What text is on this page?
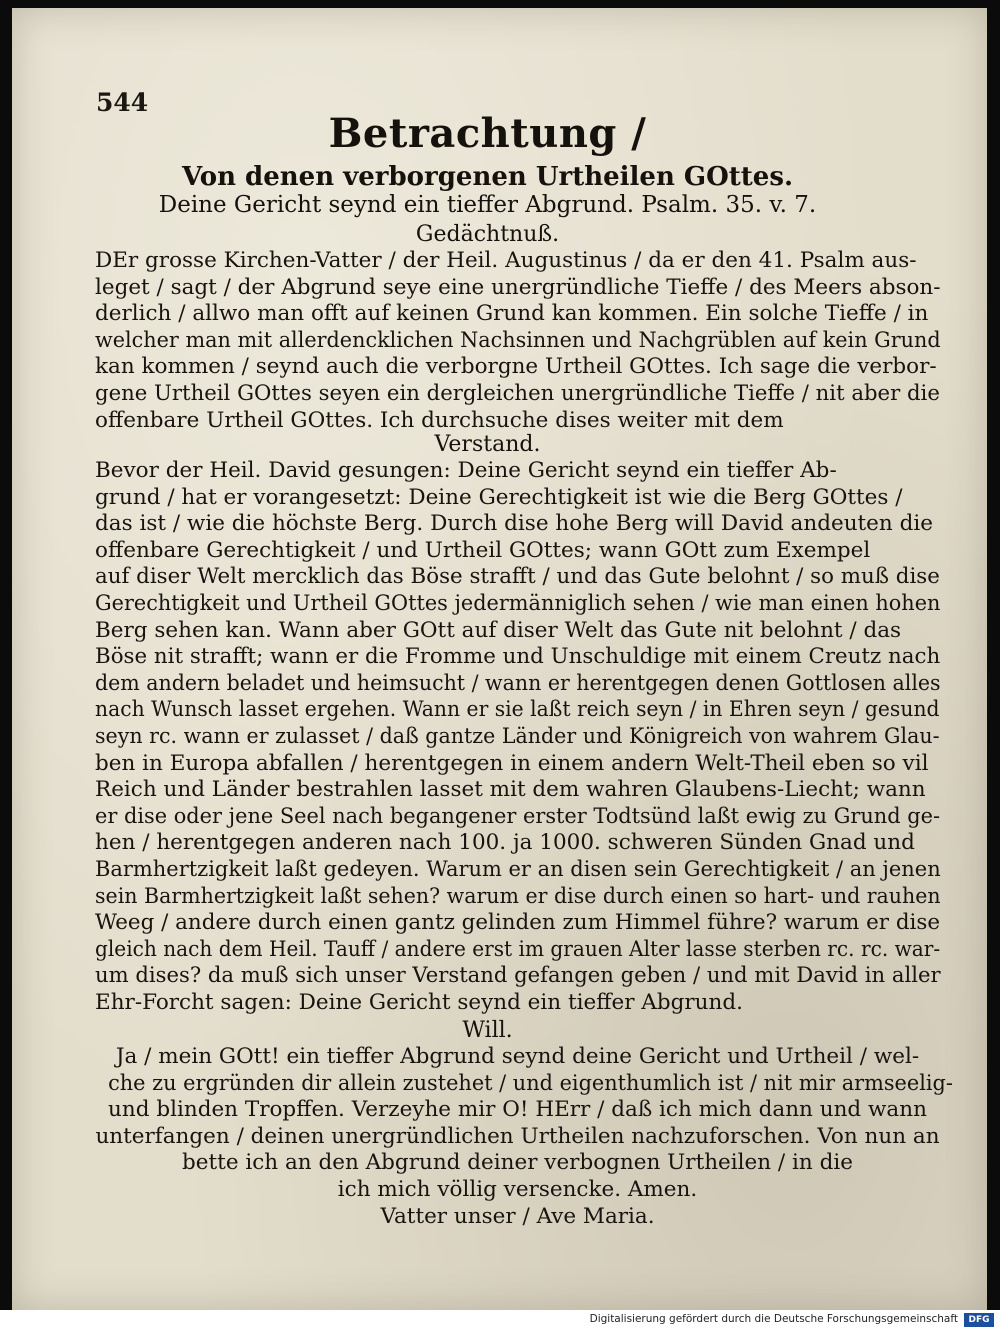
544
Betrachtung /
Von denen verborgenen Urtheilen GOttes.
Deine Gericht seynd ein tieffer Abgrund. Psalm. 35. v. 7.
Gedächtnuß.
DEr grosse Kirchen-Vatter / der Heil. Augustinus / da er den 41. Psalm aus-
leget / sagt / der Abgrund seye eine unergründliche Tieffe / des Meers abson-
derlich / allwo man offt auf keinen Grund kan kommen. Ein solche Tieffe / in
welcher man mit allerdencklichen Nachsinnen und Nachgrüblen auf kein Grund
kan kommen / seynd auch die verborgne Urtheil GOttes. Ich sage die verbor-
gene Urtheil GOttes seyen ein dergleichen unergründliche Tieffe / nit aber die
offenbare Urtheil GOttes. Ich durchsuche dises weiter mit dem
Verstand.
Bevor der Heil. David gesungen: Deine Gericht seynd ein tieffer Ab-
grund / hat er vorangesetzt: Deine Gerechtigkeit ist wie die Berg GOttes /
das ist / wie die höchste Berg. Durch dise hohe Berg will David andeuten die
offenbare Gerechtigkeit / und Urtheil GOttes; wann GOtt zum Exempel
auf diser Welt mercklich das Böse strafft / und das Gute belohnt / so muß dise
Gerechtigkeit und Urtheil GOttes jedermänniglich sehen / wie man einen hohen
Berg sehen kan. Wann aber GOtt auf diser Welt das Gute nit belohnt / das
Böse nit strafft; wann er die Fromme und Unschuldige mit einem Creutz nach
dem andern beladet und heimsucht / wann er herentgegen denen Gottlosen alles
nach Wunsch lasset ergehen. Wann er sie laßt reich seyn / in Ehren seyn / gesund
seyn rc. wann er zulasset / daß gantze Länder und Königreich von wahrem Glau-
ben in Europa abfallen / herentgegen in einem andern Welt-Theil eben so vil
Reich und Länder bestrahlen lasset mit dem wahren Glaubens-Liecht; wann
er dise oder jene Seel nach begangener erster Todtsünd laßt ewig zu Grund ge-
hen / herentgegen anderen nach 100. ja 1000. schweren Sünden Gnad und
Barmhertzigkeit laßt gedeyen. Warum er an disen sein Gerechtigkeit / an jenen
sein Barmhertzigkeit laßt sehen? warum er dise durch einen so hart- und rauhen
Weeg / andere durch einen gantz gelinden zum Himmel führe? warum er dise
gleich nach dem Heil. Tauff / andere erst im grauen Alter lasse sterben rc. rc. war-
um dises? da muß sich unser Verstand gefangen geben / und mit David in aller
Ehr-Forcht sagen: Deine Gericht seynd ein tieffer Abgrund.
Will.
Ja / mein GOtt! ein tieffer Abgrund seynd deine Gericht und Urtheil / wel-
che zu ergründen dir allein zustehet / und eigenthumlich ist / nit mir armseelig-
und blinden Tropffen. Verzeyhe mir O! HErr / daß ich mich dann und wann
unterfangen / deinen unergründlichen Urtheilen nachzuforschen. Von nun an
bette ich an den Abgrund deiner verbognen Urtheilen / in die
ich mich völlig versencke. Amen.
Vatter unser / Ave Maria.
Digitalisierung gefördert durch die Deutsche Forschungsgemeinschaft	DFG
